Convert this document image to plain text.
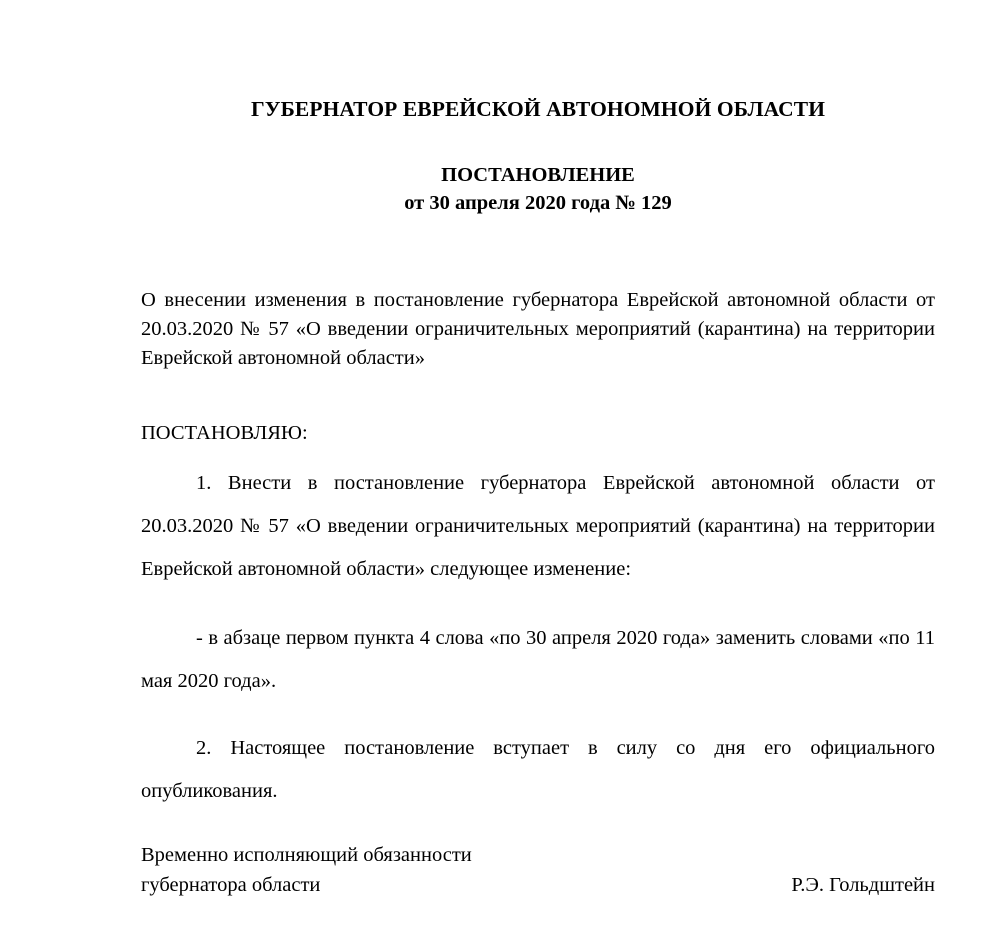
ГУБЕРНАТОР ЕВРЕЙСКОЙ АВТОНОМНОЙ ОБЛАСТИ
ПОСТАНОВЛЕНИЕ
от 30 апреля 2020 года № 129
О внесении изменения в постановление губернатора Еврейской автономной области от 20.03.2020 № 57 «О введении ограничительных мероприятий (карантина) на территории Еврейской автономной области»
ПОСТАНОВЛЯЮ:

1. Внести в постановление губернатора Еврейской автономной области от 20.03.2020 № 57 «О введении ограничительных мероприятий (карантина) на территории Еврейской автономной области» следующее изменение:

- в абзаце первом пункта 4 слова «по 30 апреля 2020 года» заменить словами «по 11 мая 2020 года».

2. Настоящее постановление вступает в силу со дня его официального опубликования.

Временно исполняющий обязанности
губернатора области	Р.Э. Гольдштейн
